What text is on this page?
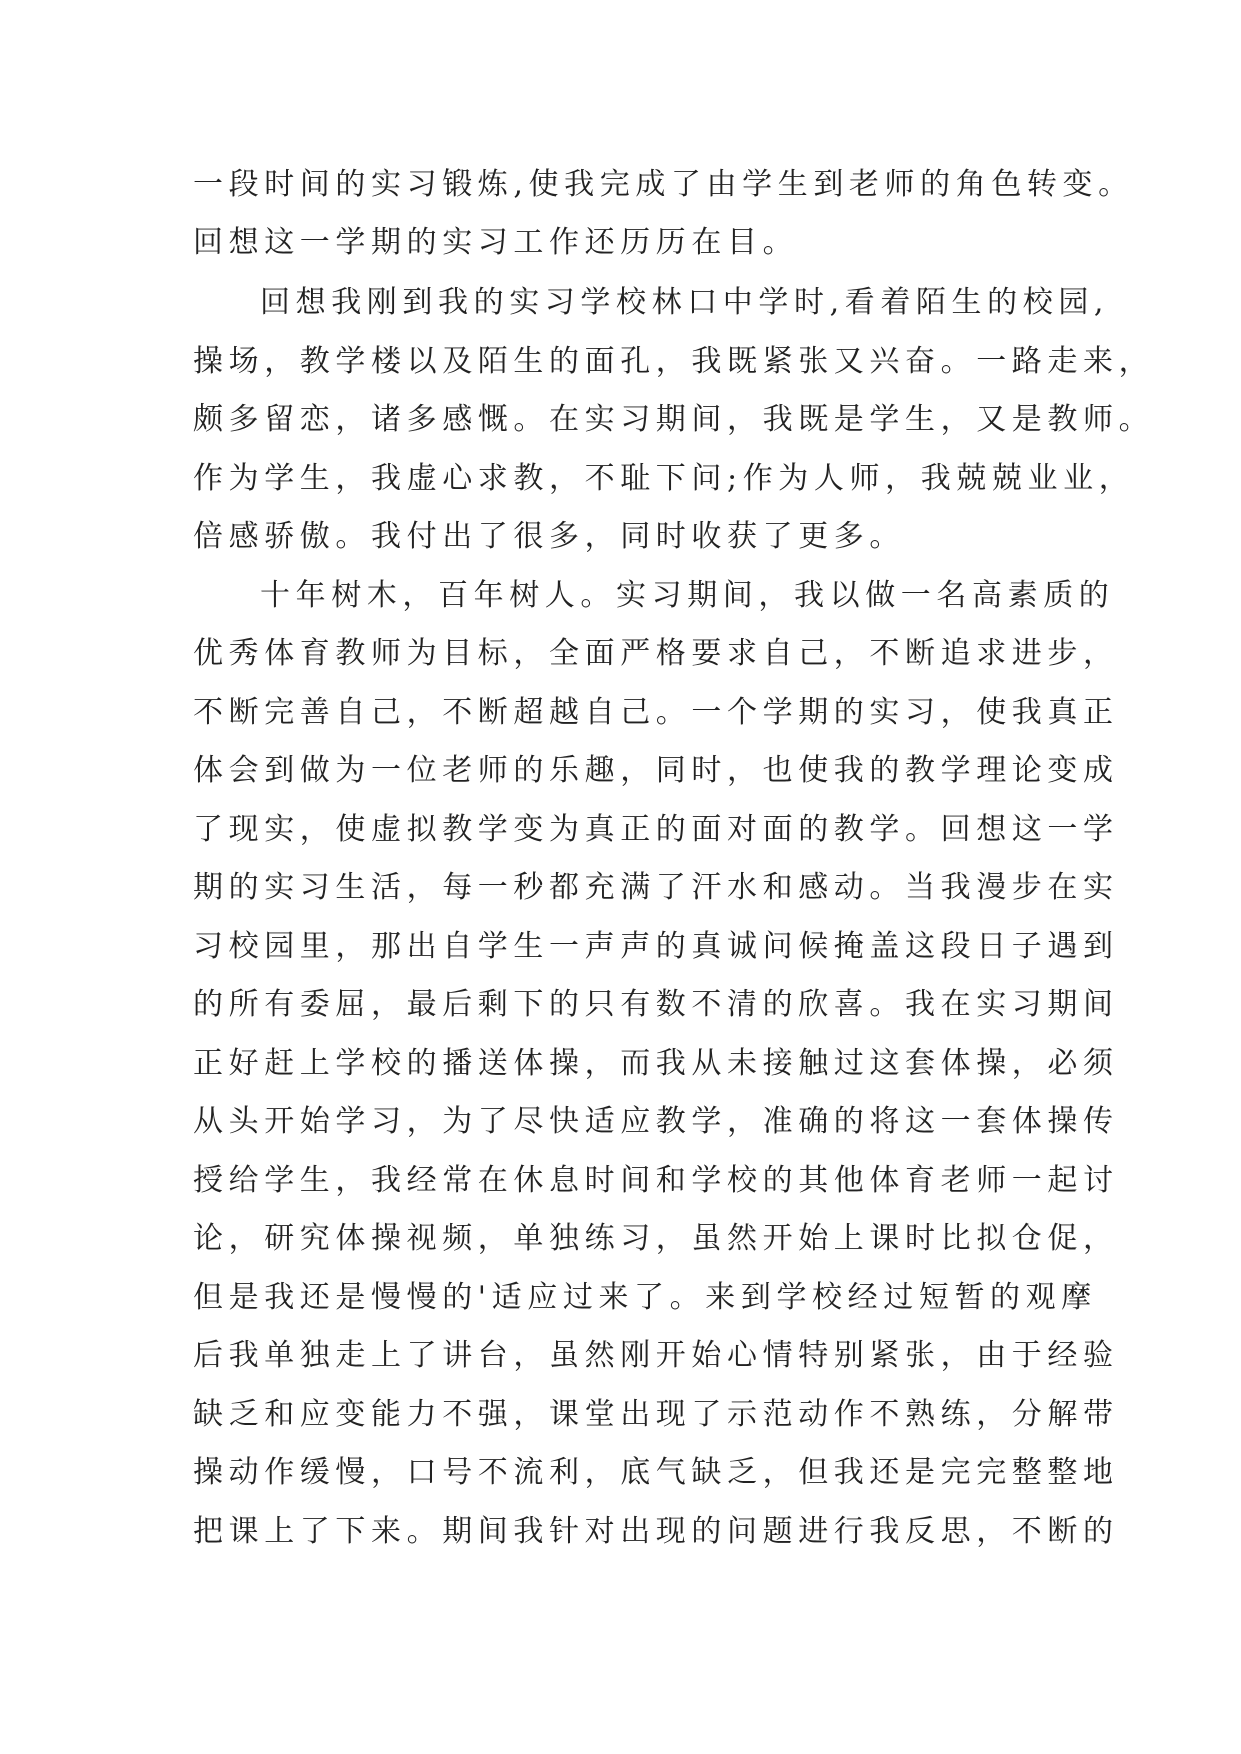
一段时间的实习锻炼,使我完成了由学生到老师的角色转变。
回想这一学期的实习工作还历历在目。
回想我刚到我的实习学校林口中学时,看着陌生的校园,
操场，教学楼以及陌生的面孔，我既紧张又兴奋。一路走来，
颇多留恋，诸多感慨。在实习期间，我既是学生，又是教师。
作为学生，我虚心求教，不耻下问;作为人师，我兢兢业业，
倍感骄傲。我付出了很多，同时收获了更多。
十年树木，百年树人。实习期间，我以做一名高素质的
优秀体育教师为目标，全面严格要求自己，不断追求进步，
不断完善自己，不断超越自己。一个学期的实习，使我真正
体会到做为一位老师的乐趣，同时，也使我的教学理论变成
了现实，使虚拟教学变为真正的面对面的教学。回想这一学
期的实习生活，每一秒都充满了汗水和感动。当我漫步在实
习校园里，那出自学生一声声的真诚问候掩盖这段日子遇到
的所有委屈，最后剩下的只有数不清的欣喜。我在实习期间
正好赶上学校的播送体操，而我从未接触过这套体操，必须
从头开始学习，为了尽快适应教学，准确的将这一套体操传
授给学生，我经常在休息时间和学校的其他体育老师一起讨
论，研究体操视频，单独练习，虽然开始上课时比拟仓促，
但是我还是慢慢的'适应过来了。来到学校经过短暂的观摩
后我单独走上了讲台，虽然刚开始心情特别紧张，由于经验
缺乏和应变能力不强，课堂出现了示范动作不熟练，分解带
操动作缓慢，口号不流利，底气缺乏，但我还是完完整整地
把课上了下来。期间我针对出现的问题进行我反思，不断的
